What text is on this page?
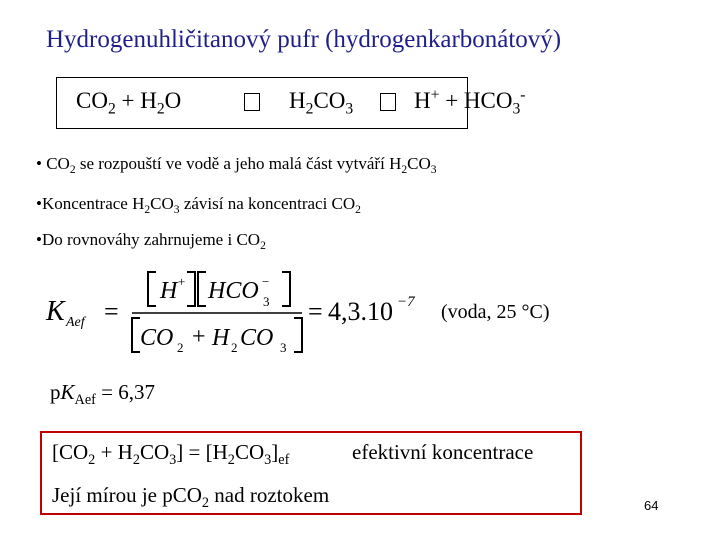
Hydrogenuhličitanový pufr (hydrogenkarbonátový)
$CO_2 + H_2O$	$H_2CO_3$	$H^+ + HCO_3^-$
• $CO_2$ se rozpouští ve vodě a jeho malá část vytváří $H_2CO_3$
•Koncentrace $H_2CO_3$ závisí na koncentraci $CO_2$
•Do rovnováhy zahrnujeme i $CO_2$
K Aef =
H + HCO −
3
CO 2 + H 2 CO 3
= 4,3.10 −7 (voda, 25 °C)
$pK_{Aef} = 6,37$
$[CO_2 + H_2CO_3] = [H_2CO_3]_{ef}$	efektivní koncentrace
Její mírou je pCO$_2$ nad roztokem	64
